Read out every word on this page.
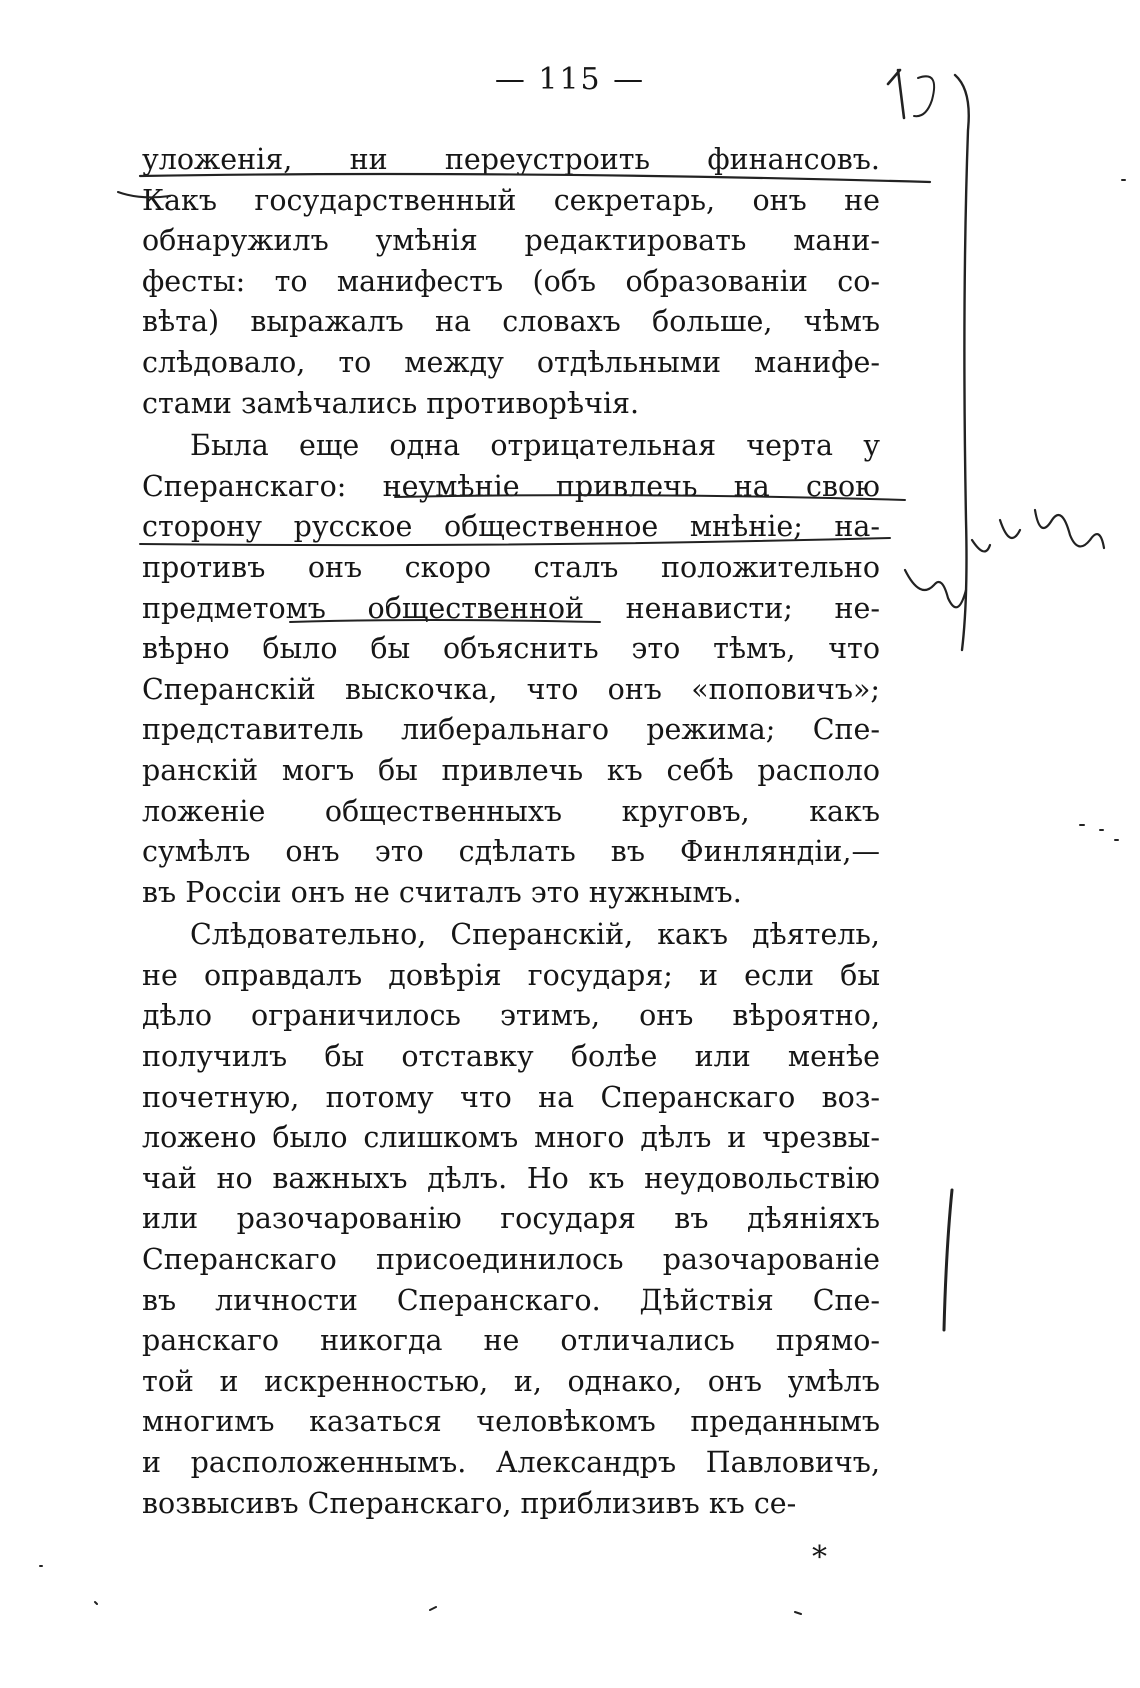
— 115 —
уложенія, ни переустроить финансовъ.
Какъ государственный секретарь, онъ не
обнаружилъ умѣнія редактировать мани-
фесты: то манифестъ (объ образованіи со-
вѣта) выражалъ на словахъ больше, чѣмъ
слѣдовало, то между отдѣльными манифе-
стами замѣчались противорѣчія.
Была еще одна отрицательная черта у
Сперанскаго: неумѣніе привлечь на свою
сторону русское общественное мнѣніе; на-
противъ онъ скоро сталъ положительно
предметомъ общественной ненависти; не-
вѣрно было бы объяснить это тѣмъ, что
Сперанскій выскочка, что онъ «поповичъ»;
представитель либеральнаго режима; Спе-
ранскій могъ бы привлечь къ себѣ располо
ложеніе общественныхъ круговъ, какъ
сумѣлъ онъ это сдѣлать въ Финляндіи,—
въ Россіи онъ не считалъ это нужнымъ.
Слѣдовательно, Сперанскій, какъ дѣятель,
не оправдалъ довѣрія государя; и если бы
дѣло ограничилось этимъ, онъ вѣроятно,
получилъ бы отставку болѣе или менѣе
почетную, потому что на Сперанскаго воз-
ложено было слишкомъ много дѣлъ и чрезвы-
чай но важныхъ дѣлъ. Но къ неудовольствію
или разочарованію государя въ дѣяніяхъ
Сперанскаго присоединилось разочарованіе
въ личности Сперанскаго. Дѣйствія Спе-
ранскаго никогда не отличались прямо-
той и искренностью, и, однако, онъ умѣлъ
многимъ казаться человѣкомъ преданнымъ
и расположеннымъ. Александръ Павловичъ,
возвысивъ Сперанскаго, приблизивъ къ се-
*
